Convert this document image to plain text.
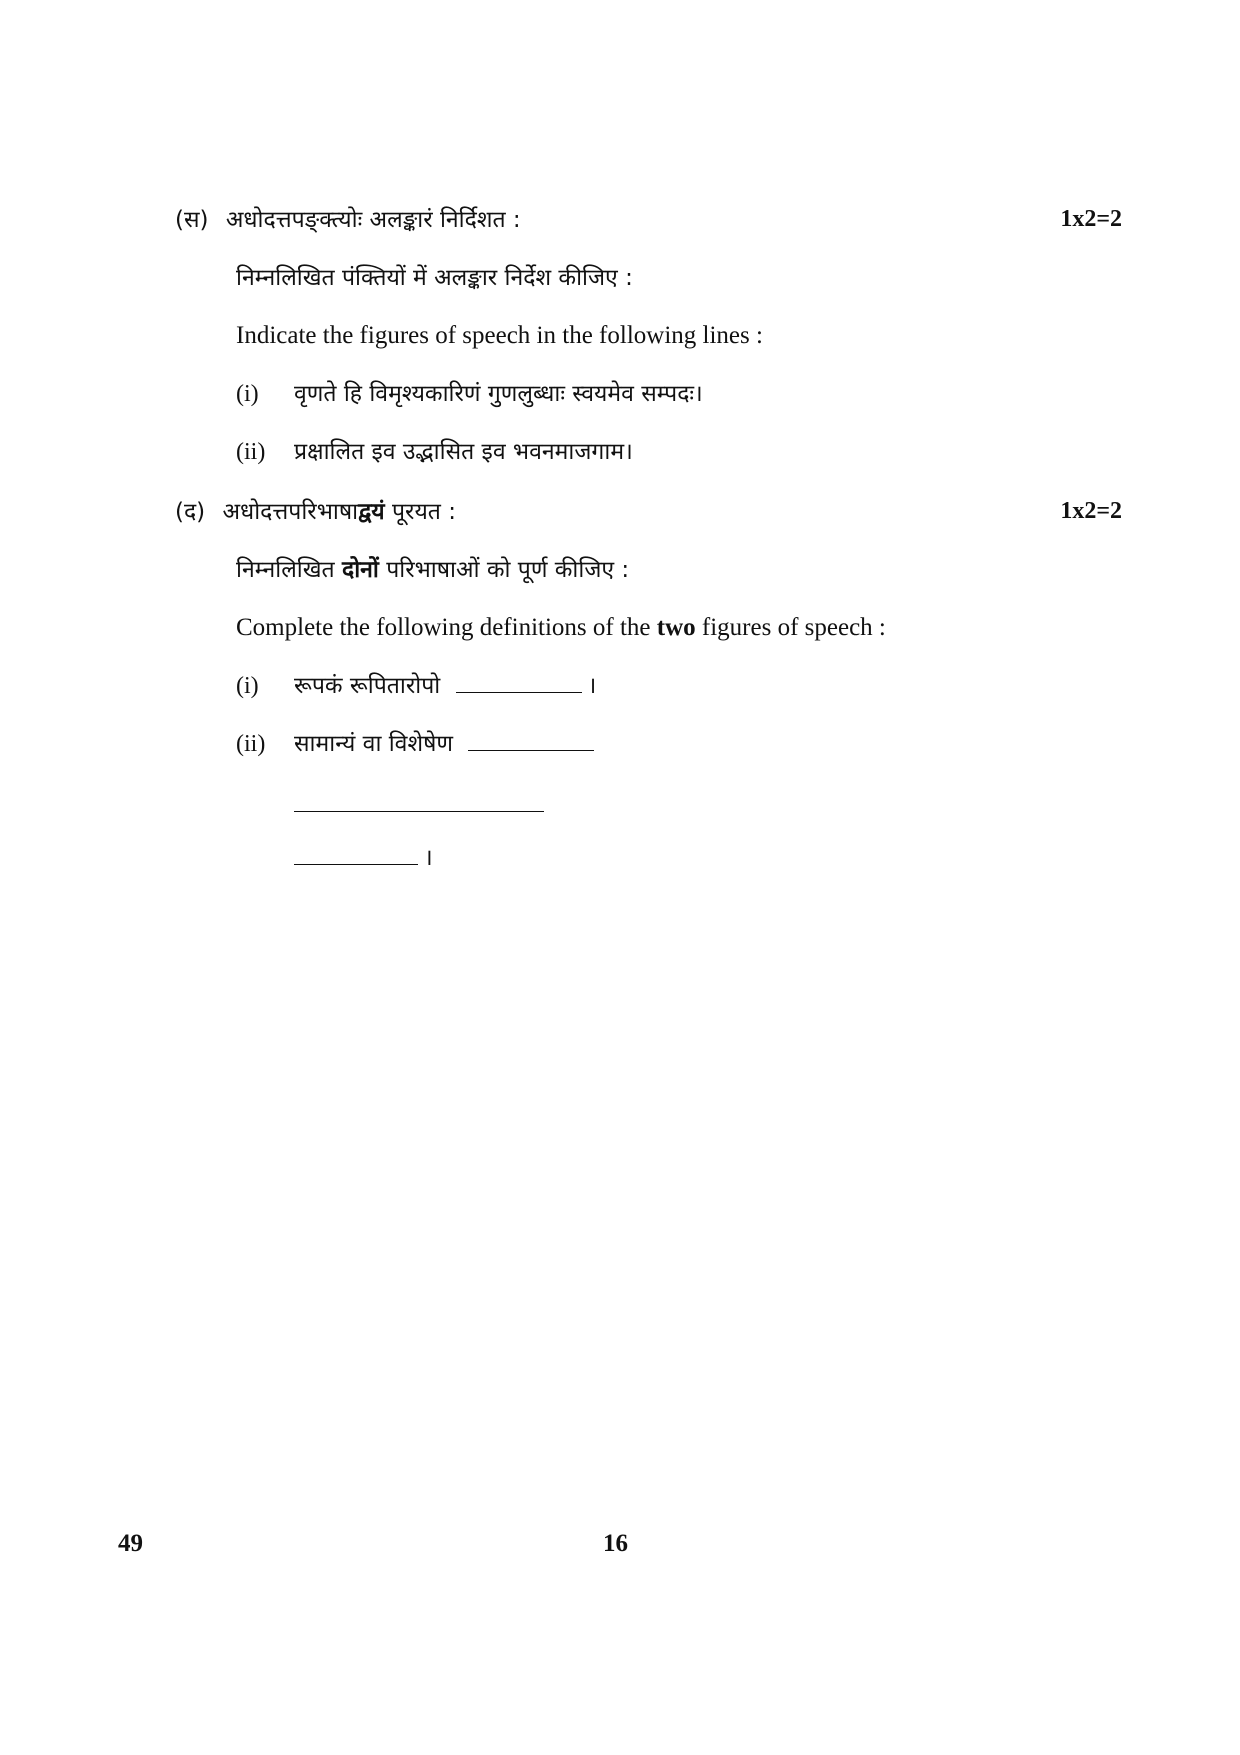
(स) अधोदत्तपङ्क्त्योः अलङ्कारं निर्दिशत :	1x2=2
निम्नलिखित पंक्तियों में अलङ्कार निर्देश कीजिए :
Indicate the figures of speech in the following lines :
(i) वृणते हि विमृश्यकारिणं गुणलुब्धाः स्वयमेव सम्पदः।
(ii) प्रक्षालित इव उद्भासित इव भवनमाजगाम।
(द) अधोदत्तपरिभाषाद्वयं पूरयत :	1x2=2
निम्नलिखित दोनों परिभाषाओं को पूर्ण कीजिए :
Complete the following definitions of the two figures of speech :
(i) रूपकं रूपितारोपो	।
(ii) सामान्यं वा विशेषेण
।
49	16
